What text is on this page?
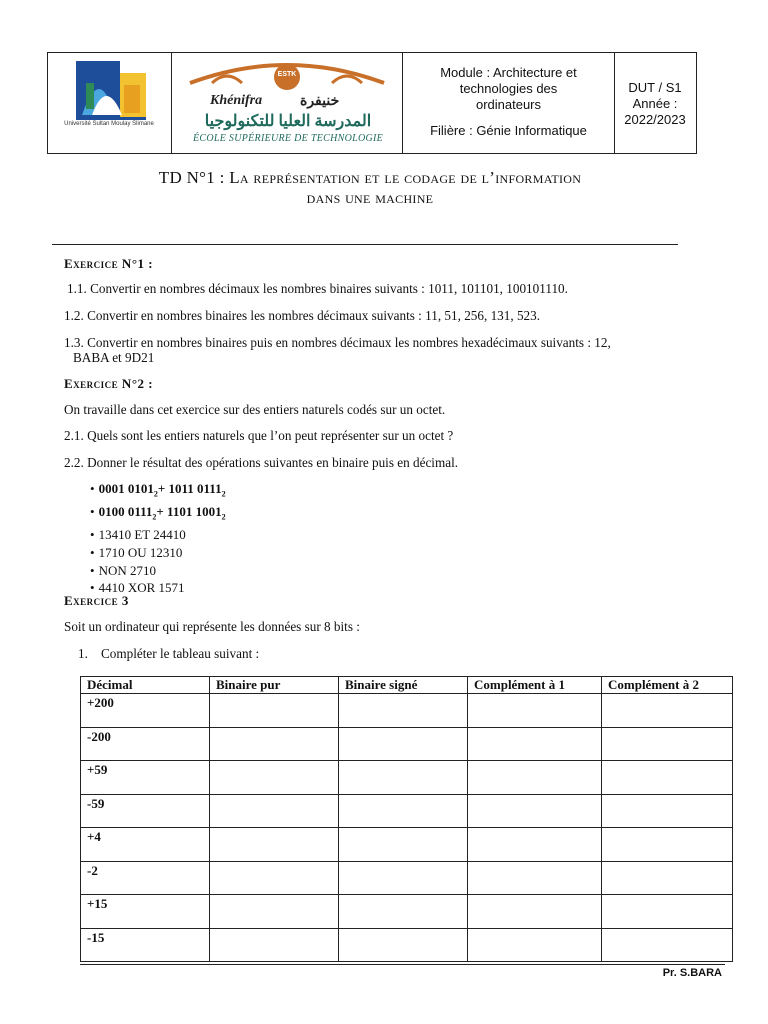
Université Sultan Moulay Slimane
ESTK
Khénifra	خنيفرة
المدرسة العليا للتكنولوجيا
ÉCOLE SUPÉRIEURE DE TECHNOLOGIE
Module : Architecture et
technologies des
ordinateurs
Filière : Génie Informatique
DUT / S1
Année :
2022/2023
TD N°1 : La représentation et le codage de l’information
dans une machine
Exercice N°1 :
1.1. Convertir en nombres décimaux les nombres binaires suivants : 1011, 101101, 100101110.
1.2. Convertir en nombres binaires les nombres décimaux suivants : 11, 51, 256, 131, 523.
1.3. Convertir en nombres binaires puis en nombres décimaux les nombres hexadécimaux suivants : 12,
BABA et 9D21
Exercice N°2 :
On travaille dans cet exercice sur des entiers naturels codés sur un octet.
2.1. Quels sont les entiers naturels que l’on peut représenter sur un octet ?
2.2. Donner le résultat des opérations suivantes en binaire puis en décimal.
• 0001 $0101_2+ 1011$ $0111_2$
• 0100 $0111_2+ 1101$ $1001_2$
• 13410 ET 24410
• 1710 OU 12310
• NON 2710
• 4410 XOR 1571
Exercice 3
Soit un ordinateur qui représente les données sur 8 bits :
1. Compléter le tableau suivant :
Décimal	Binaire pur	Binaire signé	Complément à 1	Complément à 2
+200				
-200				
+59				
-59				
+4				
-2				
+15				
-15				
Pr. S.BARA
